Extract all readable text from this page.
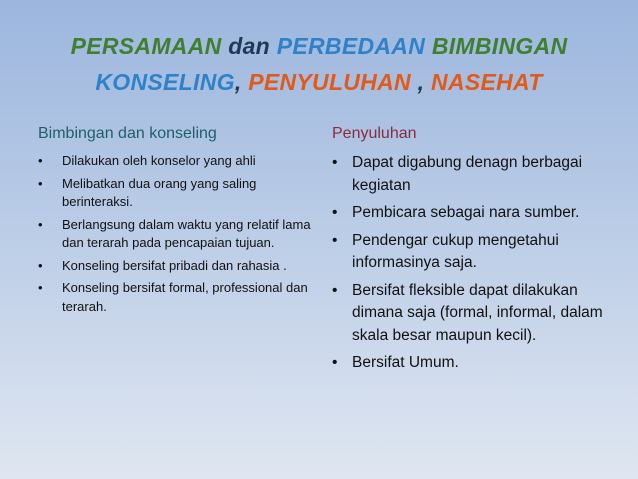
PERSAMAAN dan PERBEDAAN BIMBINGAN
KONSELING, PENYULUHAN , NASEHAT
Bimbingan dan konseling
• Dilakukan oleh konselor yang ahli
• Melibatkan dua orang yang saling berinteraksi.
• Berlangsung dalam waktu yang relatif lama dan terarah pada pencapaian tujuan.
• Konseling bersifat pribadi dan rahasia .
• Konseling bersifat formal, professional dan terarah.
Penyuluhan
• Dapat digabung denagn berbagai kegiatan
• Pembicara sebagai nara sumber.
• Pendengar cukup mengetahui informasinya saja.
• Bersifat fleksible dapat dilakukan dimana saja (formal, informal, dalam skala besar maupun kecil).
• Bersifat Umum.
